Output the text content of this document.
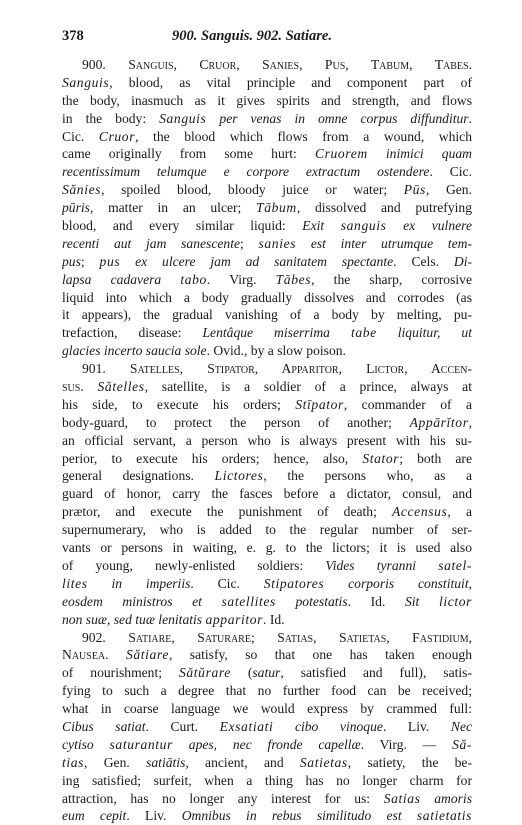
378	900. Sanguis. 902. Satiare.
900. Sanguis, Cruor, Sanies, Pus, Tabum, Tabes.
Sanguis, blood, as vital principle and component part of
the body, inasmuch as it gives spirits and strength, and flows
in the body: Sanguis per venas in omne corpus diffunditur.
Cic. Cruor, the blood which flows from a wound, which
came originally from some hurt: Cruorem inimici quam
recentissimum telumque e corpore extractum ostendere. Cic.
Sănies, spoiled blood, bloody juice or water; Pūs, Gen.
pūris, matter in an ulcer; Tābum, dissolved and putrefying
blood, and every similar liquid: Exit sanguis ex vulnere
recenti aut jam sanescente; sanies est inter utrumque tem-
pus; pus ex ulcere jam ad sanitatem spectante. Cels. Di-
lapsa cadavera tabo. Virg. Tābes, the sharp, corrosive
liquid into which a body gradually dissolves and corrodes (as
it appears), the gradual vanishing of a body by melting, pu-
trefaction, disease: Lentâque miserrima tabe liquitur, ut
glacies incerto saucia sole. Ovid., by a slow poison.
901. Satelles, Stipator, Apparitor, Lictor, Accen-
sus. Sătelles, satellite, is a soldier of a prince, always at
his side, to execute his orders; Stīpator, commander of a
body-guard, to protect the person of another; Appārĭtor,
an official servant, a person who is always present with his su-
perior, to execute his orders; hence, also, Stator; both are
general designations. Lictores, the persons who, as a
guard of honor, carry the fasces before a dictator, consul, and
prætor, and execute the punishment of death; Accensus, a
supernumerary, who is added to the regular number of ser-
vants or persons in waiting, e. g. to the lictors; it is used also
of young, newly-enlisted soldiers: Vides tyranni satel-
lites in imperiis. Cic. Stipatores corporis constituit,
eosdem ministros et satellites potestatis. Id. Sit lictor
non suæ, sed tuæ lenitatis apparitor. Id.
902. Satiare, Saturare; Satias, Satietas, Fastidium,
Nausea. Sătiare, satisfy, so that one has taken enough
of nourishment; Sătŭrare (satur, satisfied and full), satis-
fying to such a degree that no further food can be received;
what in coarse language we would express by crammed full:
Cibus satiat. Curt. Exsatiati cibo vinoque. Liv. Nec
cytiso saturantur apes, nec fronde capellæ. Virg. — Să-
tias, Gen. satiātis, ancient, and Satietas, satiety, the be-
ing satisfied; surfeit, when a thing has no longer charm for
attraction, has no longer any interest for us: Satias amoris
eum cepit. Liv. Omnibus in rebus similitudo est satietatis
